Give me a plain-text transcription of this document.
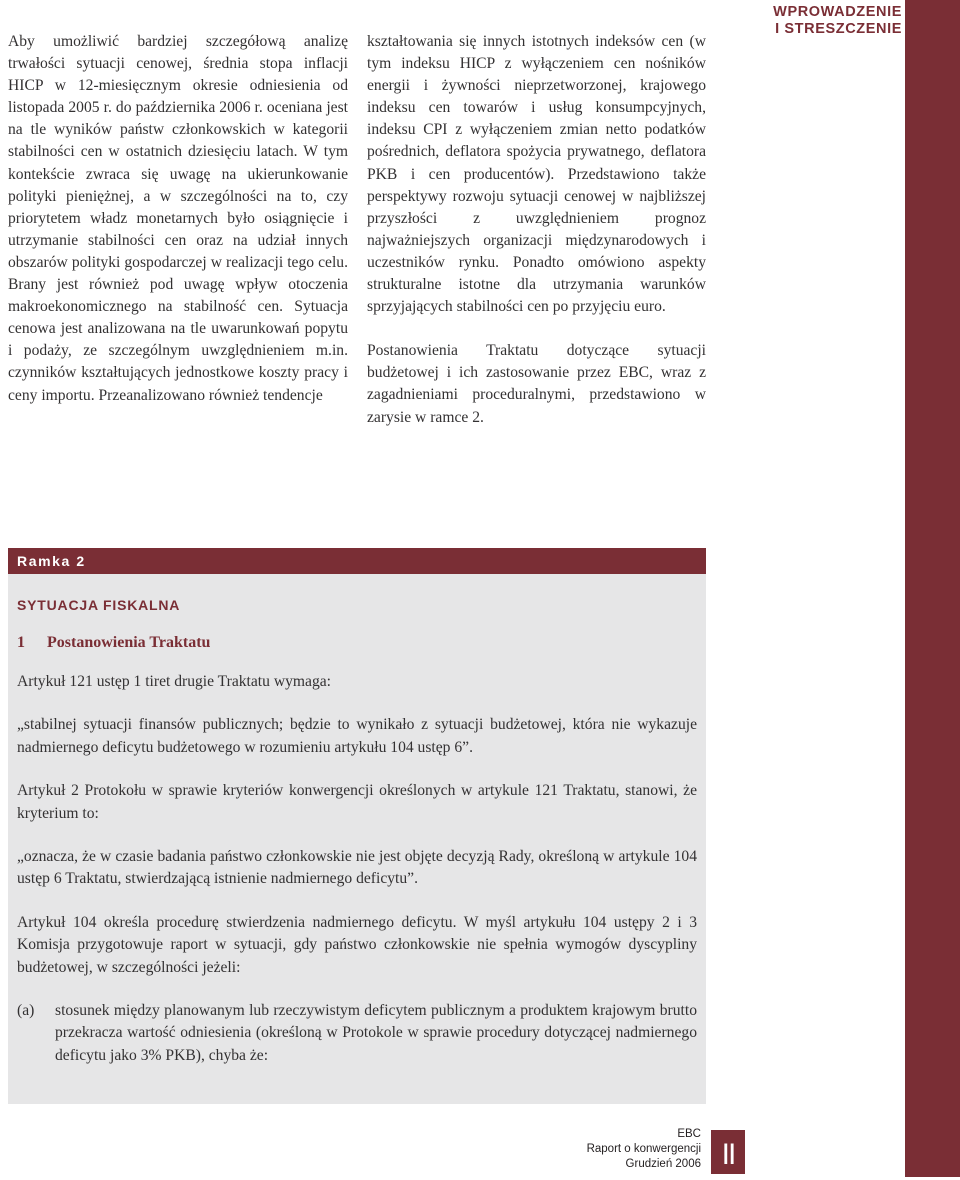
WPROWADZENIE
I STRESZCZENIE

Aby umożliwić bardziej szczegółową analizę trwałości sytuacji cenowej, średnia stopa inflacji HICP w 12-miesięcznym okresie odniesienia od listopada 2005 r. do października 2006 r. oceniana jest na tle wyników państw członkowskich w kategorii stabilności cen w ostatnich dziesięciu latach. W tym kontekście zwraca się uwagę na ukierunkowanie polityki pieniężnej, a w szczególności na to, czy priorytetem władz monetarnych było osiągnięcie i utrzymanie stabilności cen oraz na udział innych obszarów polityki gospodarczej w realizacji tego celu. Brany jest również pod uwagę wpływ otoczenia makroekonomicznego na stabilność cen. Sytuacja cenowa jest analizowana na tle uwarunkowań popytu i podaży, ze szczególnym uwzględnieniem m.in. czynników kształtujących jednostkowe koszty pracy i ceny importu. Przeanalizowano również tendencje

kształtowania się innych istotnych indeksów cen (w tym indeksu HICP z wyłączeniem cen nośników energii i żywności nieprzetworzonej, krajowego indeksu cen towarów i usług konsumpcyjnych, indeksu CPI z wyłączeniem zmian netto podatków pośrednich, deflatora spożycia prywatnego, deflatora PKB i cen producentów). Przedstawiono także perspektywy rozwoju sytuacji cenowej w najbliższej przyszłości z uwzględnieniem prognoz najważniejszych organizacji międzynarodowych i uczestników rynku. Ponadto omówiono aspekty strukturalne istotne dla utrzymania warunków sprzyjających stabilności cen po przyjęciu euro.

Postanowienia Traktatu dotyczące sytuacji budżetowej i ich zastosowanie przez EBC, wraz z zagadnieniami proceduralnymi, przedstawiono w zarysie w ramce 2.

Ramka 2
SYTUACJA FISKALNA
1 Postanowienia Traktatu

Artykuł 121 ustęp 1 tiret drugie Traktatu wymaga:

„stabilnej sytuacji finansów publicznych; będzie to wynikało z sytuacji budżetowej, która nie wykazuje nadmiernego deficytu budżetowego w rozumieniu artykułu 104 ustęp 6”.

Artykuł 2 Protokołu w sprawie kryteriów konwergencji określonych w artykule 121 Traktatu, stanowi, że kryterium to:

„oznacza, że w czasie badania państwo członkowskie nie jest objęte decyzją Rady, określoną w artykule 104 ustęp 6 Traktatu, stwierdzającą istnienie nadmiernego deficytu”.

Artykuł 104 określa procedurę stwierdzenia nadmiernego deficytu. W myśl artykułu 104 ustępy 2 i 3 Komisja przygotowuje raport w sytuacji, gdy państwo członkowskie nie spełnia wymogów dyscypliny budżetowej, w szczególności jeżeli:

(a)	stosunek między planowanym lub rzeczywistym deficytem publicznym a produktem krajowym brutto przekracza wartość odniesienia (określoną w Protokole w sprawie procedury dotyczącej nadmiernego deficytu jako 3% PKB), chyba że:
EBC
Raport o konwergencji
Grudzień 2006 II
